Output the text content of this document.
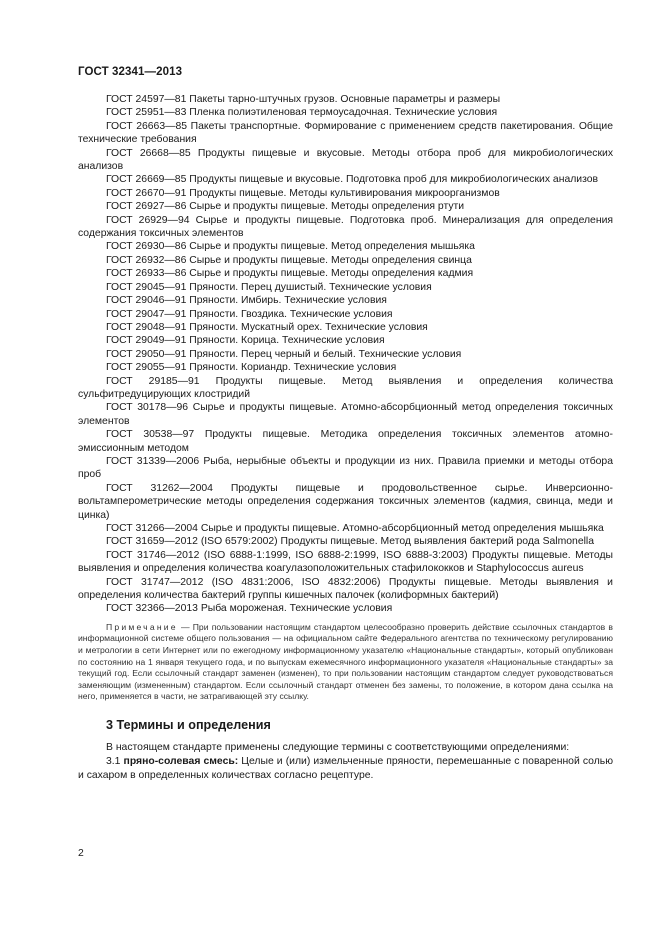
ГОСТ 32341—2013

ГОСТ 24597—81 Пакеты тарно-штучных грузов. Основные параметры и размеры

ГОСТ 25951—83 Пленка полиэтиленовая термоусадочная. Технические условия

ГОСТ 26663—85 Пакеты транспортные. Формирование с применением средств пакетирования. Общие технические требования

ГОСТ 26668—85 Продукты пищевые и вкусовые. Методы отбора проб для микробиологических анализов

ГОСТ 26669—85 Продукты пищевые и вкусовые. Подготовка проб для микробиологических анализов

ГОСТ 26670—91 Продукты пищевые. Методы культивирования микроорганизмов

ГОСТ 26927—86 Сырье и продукты пищевые. Методы определения ртути

ГОСТ 26929—94 Сырье и продукты пищевые. Подготовка проб. Минерализация для определения содержания токсичных элементов

ГОСТ 26930—86 Сырье и продукты пищевые. Метод определения мышьяка

ГОСТ 26932—86 Сырье и продукты пищевые. Методы определения свинца

ГОСТ 26933—86 Сырье и продукты пищевые. Методы определения кадмия

ГОСТ 29045—91 Пряности. Перец душистый. Технические условия

ГОСТ 29046—91 Пряности. Имбирь. Технические условия

ГОСТ 29047—91 Пряности. Гвоздика. Технические условия

ГОСТ 29048—91 Пряности. Мускатный орех. Технические условия

ГОСТ 29049—91 Пряности. Корица. Технические условия

ГОСТ 29050—91 Пряности. Перец черный и белый. Технические условия

ГОСТ 29055—91 Пряности. Кориандр. Технические условия

ГОСТ 29185—91 Продукты пищевые. Метод выявления и определения количества сульфитредуцирующих клостридий

ГОСТ 30178—96 Сырье и продукты пищевые. Атомно-абсорбционный метод определения токсичных элементов

ГОСТ 30538—97 Продукты пищевые. Методика определения токсичных элементов атомно-эмиссионным методом

ГОСТ 31339—2006 Рыба, нерыбные объекты и продукции из них. Правила приемки и методы отбора проб

ГОСТ 31262—2004 Продукты пищевые и продовольственное сырье. Инверсионно-вольтамперометрические методы определения содержания токсичных элементов (кадмия, свинца, меди и цинка)

ГОСТ 31266—2004 Сырье и продукты пищевые. Атомно-абсорбционный метод определения мышьяка

ГОСТ 31659—2012 (ISO 6579:2002) Продукты пищевые. Метод выявления бактерий рода Salmonella

ГОСТ 31746—2012 (ISO 6888-1:1999, ISO 6888-2:1999, ISO 6888-3:2003) Продукты пищевые. Методы выявления и определения количества коагулазоположительных стафилококков и Staphylococcus aureus

ГОСТ 31747—2012 (ISO 4831:2006, ISO 4832:2006) Продукты пищевые. Методы выявления и определения количества бактерий группы кишечных палочек (колиформных бактерий)

ГОСТ 32366—2013 Рыба мороженая. Технические условия

Примечание — При пользовании настоящим стандартом целесообразно проверить действие ссылочных стандартов в информационной системе общего пользования — на официальном сайте Федерального агентства по техническому регулированию и метрологии в сети Интернет или по ежегодному информационному указателю «Национальные стандарты», который опубликован по состоянию на 1 января текущего года, и по выпускам ежемесячного информационного указателя «Национальные стандарты» за текущий год. Если ссылочный стандарт заменен (изменен), то при пользовании настоящим стандартом следует руководствоваться заменяющим (измененным) стандартом. Если ссылочный стандарт отменен без замены, то положение, в котором дана ссылка на него, применяется в части, не затрагивающей эту ссылку.
3 Термины и определения
В настоящем стандарте применены следующие термины с соответствующими определениями:
3.1 пряно-солевая смесь: Целые и (или) измельченные пряности, перемешанные с поваренной солью и сахаром в определенных количествах согласно рецептуре.
2
